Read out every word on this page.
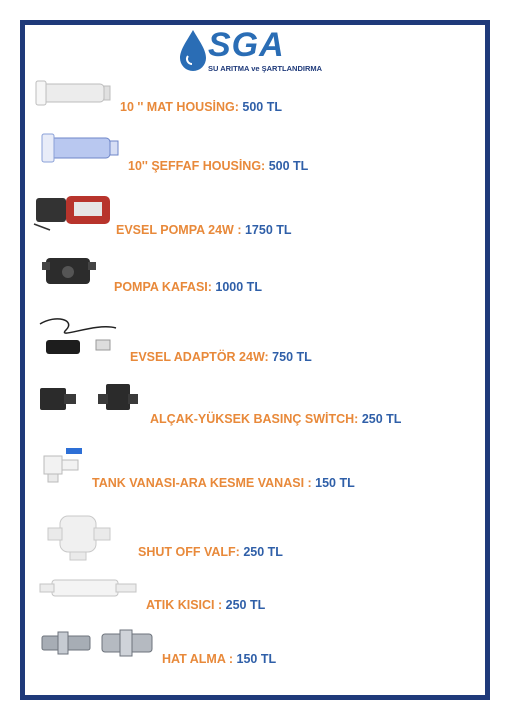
SGA
SU ARITMA ve ŞARTLANDIRMA
10 '' MAT HOUSİNG: 500 TL
10'' ŞEFFAF HOUSİNG: 500 TL
EVSEL POMPA 24W : 1750 TL
POMPA KAFASI: 1000 TL
EVSEL ADAPTÖR 24W: 750 TL
ALÇAK-YÜKSEK BASINÇ SWİTCH: 250 TL
TANK VANASI-ARA KESME VANASI : 150 TL
SHUT OFF VALF: 250 TL
ATIK KISICI : 250 TL
HAT ALMA : 150 TL
